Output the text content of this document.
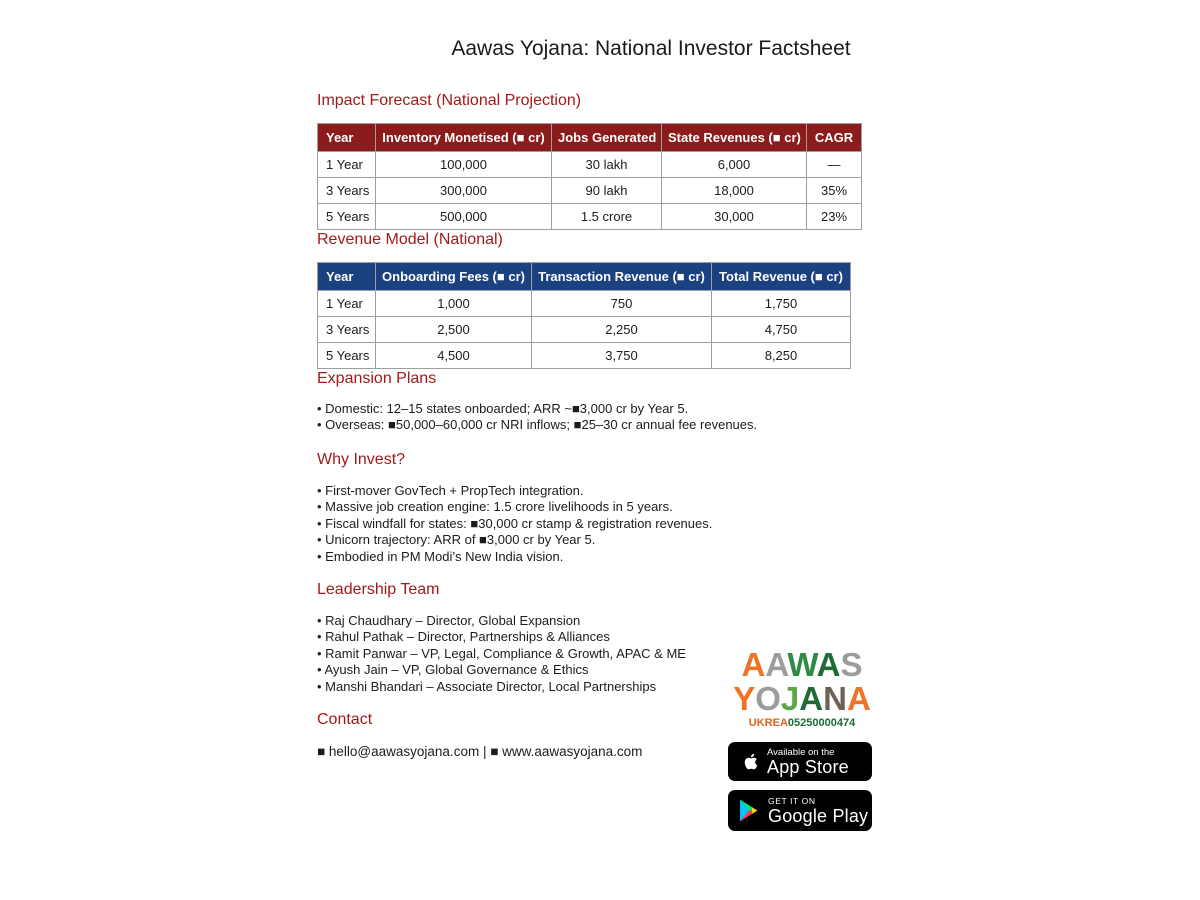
Aawas Yojana: National Investor Factsheet
Impact Forecast (National Projection)
Year	Inventory Monetised (■ cr)	Jobs Generated	State Revenues (■ cr)	CAGR
1 Year	100,000	30 lakh	6,000	—
3 Years	300,000	90 lakh	18,000	35%
5 Years	500,000	1.5 crore	30,000	23%
Revenue Model (National)
Year	Onboarding Fees (■ cr)	Transaction Revenue (■ cr)	Total Revenue (■ cr)
1 Year	1,000	750	1,750
3 Years	2,500	2,250	4,750
5 Years	4,500	3,750	8,250
Expansion Plans
• Domestic: 12–15 states onboarded; ARR ~■3,000 cr by Year 5.
• Overseas: ■50,000–60,000 cr NRI inflows; ■25–30 cr annual fee revenues.
Why Invest?
• First-mover GovTech + PropTech integration.
• Massive job creation engine: 1.5 crore livelihoods in 5 years.
• Fiscal windfall for states: ■30,000 cr stamp & registration revenues.
• Unicorn trajectory: ARR of ■3,000 cr by Year 5.
• Embodied in PM Modi’s New India vision.
Leadership Team
• Raj Chaudhary – Director, Global Expansion
• Rahul Pathak – Director, Partnerships & Alliances
• Ramit Panwar – VP, Legal, Compliance & Growth, APAC & ME
• Ayush Jain – VP, Global Governance & Ethics
• Manshi Bhandari – Associate Director, Local Partnerships
Contact
■ hello@aawasyojana.com | ■ www.aawasyojana.com
AAWAS
YOJANA
UKREA05250000474
Available on the
App Store
GET IT ON
Google Play
